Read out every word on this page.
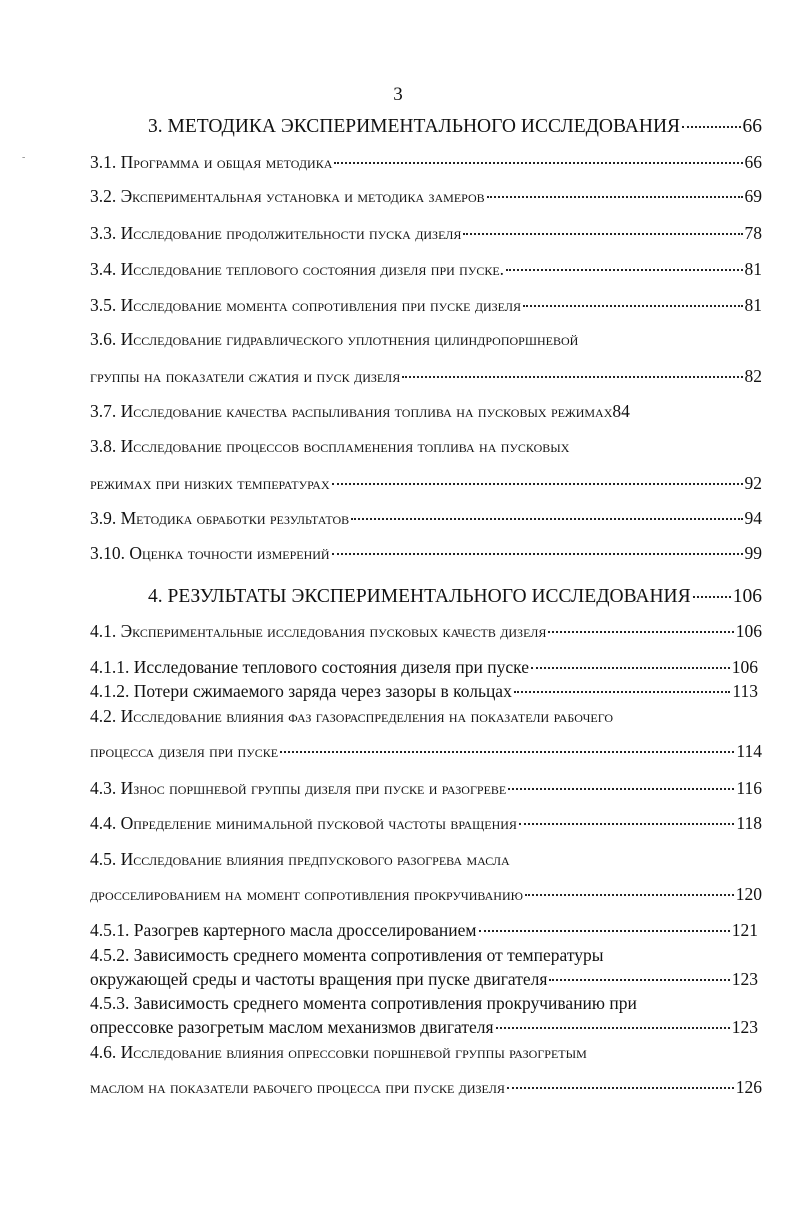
3
-
3. МЕТОДИКА ЭКСПЕРИМЕНТАЛЬНОГО ИССЛЕДОВАНИЯ	66
3.1. Программа и общая методика	66
3.2. Экспериментальная установка и методика замеров	69
3.3. Исследование продолжительности пуска дизеля	78
3.4. Исследование теплового состояния дизеля при пуске.	81
3.5. Исследование момента сопротивления при пуске дизеля	81
3.6. Исследование гидравлического уплотнения цилиндропоршневой
группы на показатели сжатия и пуск дизеля	82
3.7. Исследование качества распыливания топлива на пусковых режимах84
3.8. Исследование процессов воспламенения топлива на пусковых
режимах при низких температурах	92
3.9. Методика обработки результатов	94
3.10. Оценка точности измерений	99
4. РЕЗУЛЬТАТЫ ЭКСПЕРИМЕНТАЛЬНОГО ИССЛЕДОВАНИЯ 106
4.1. Экспериментальные исследования пусковых качеств дизеля	106
4.1.1. Исследование теплового состояния дизеля при пуске	106
4.1.2. Потери сжимаемого заряда через зазоры в кольцах	113
4.2. Исследование влияния фаз газораспределения на показатели рабочего
процесса дизеля при пуске	114
4.3. Износ поршневой группы дизеля при пуске и разогреве	116
4.4. Определение минимальной пусковой частоты вращения	118
4.5. Исследование влияния предпускового разогрева масла
дросселированием на момент сопротивления прокручиванию	120
4.5.1. Разогрев картерного масла дросселированием	121
4.5.2. Зависимость среднего момента сопротивления от температуры
окружающей среды и частоты вращения при пуске двигателя	123
4.5.3. Зависимость среднего момента сопротивления прокручиванию при
опрессовке разогретым маслом механизмов двигателя	123
4.6. Исследование влияния опрессовки поршневой группы разогретым
маслом на показатели рабочего процесса при пуске дизеля	126
